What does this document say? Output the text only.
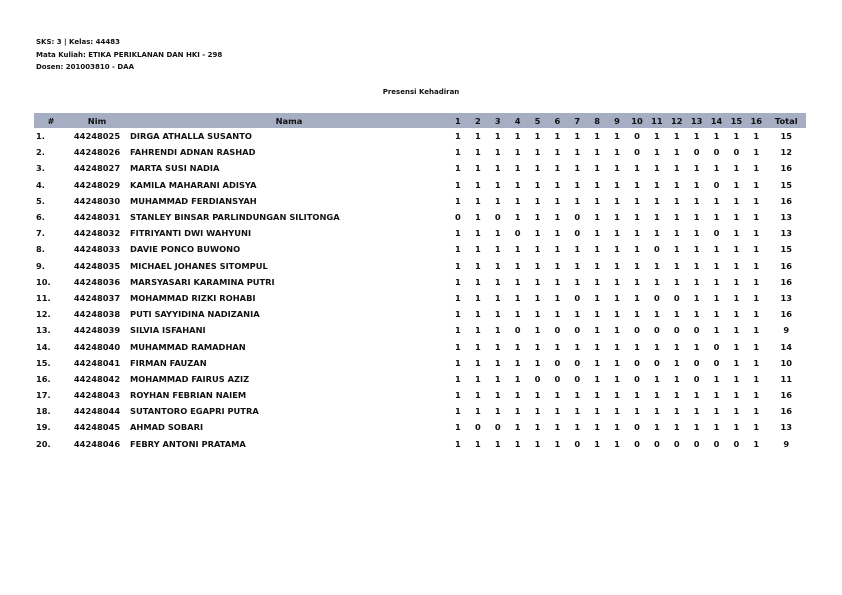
SKS: 3 | Kelas: 44483
Mata Kuliah: ETIKA PERIKLANAN DAN HKI - 298
Dosen: 201003810 - DAA
Presensi Kehadiran
#	Nim	Nama	1	2	3	4	5	6	7	8	9	10	11	12	13	14	15	16	Total
1.	44248025	DIRGA ATHALLA SUSANTO	1	1	1	1	1	1	1	1	1	0	1	1	1	1	1	1	15
2.	44248026	FAHRENDI ADNAN RASHAD	1	1	1	1	1	1	1	1	1	0	1	1	0	0	0	1	12
3.	44248027	MARTA SUSI NADIA	1	1	1	1	1	1	1	1	1	1	1	1	1	1	1	1	16
4.	44248029	KAMILA MAHARANI ADISYA	1	1	1	1	1	1	1	1	1	1	1	1	1	0	1	1	15
5.	44248030	MUHAMMAD FERDIANSYAH	1	1	1	1	1	1	1	1	1	1	1	1	1	1	1	1	16
6.	44248031	STANLEY BINSAR PARLINDUNGAN SILITONGA	0	1	0	1	1	1	0	1	1	1	1	1	1	1	1	1	13
7.	44248032	FITRIYANTI DWI WAHYUNI	1	1	1	0	1	1	0	1	1	1	1	1	1	0	1	1	13
8.	44248033	DAVIE PONCO BUWONO	1	1	1	1	1	1	1	1	1	1	0	1	1	1	1	1	15
9.	44248035	MICHAEL JOHANES SITOMPUL	1	1	1	1	1	1	1	1	1	1	1	1	1	1	1	1	16
10.	44248036	MARSYASARI KARAMINA PUTRI	1	1	1	1	1	1	1	1	1	1	1	1	1	1	1	1	16
11.	44248037	MOHAMMAD RIZKI ROHABI	1	1	1	1	1	1	0	1	1	1	0	0	1	1	1	1	13
12.	44248038	PUTI SAYYIDINA NADIZANIA	1	1	1	1	1	1	1	1	1	1	1	1	1	1	1	1	16
13.	44248039	SILVIA ISFAHANI	1	1	1	0	1	0	0	1	1	0	0	0	0	1	1	1	9
14.	44248040	MUHAMMAD RAMADHAN	1	1	1	1	1	1	1	1	1	1	1	1	1	0	1	1	14
15.	44248041	FIRMAN FAUZAN	1	1	1	1	1	0	0	1	1	0	0	1	0	0	1	1	10
16.	44248042	MOHAMMAD FAIRUS AZIZ	1	1	1	1	0	0	0	1	1	0	1	1	0	1	1	1	11
17.	44248043	ROYHAN FEBRIAN NAIEM	1	1	1	1	1	1	1	1	1	1	1	1	1	1	1	1	16
18.	44248044	SUTANTORO EGAPRI PUTRA	1	1	1	1	1	1	1	1	1	1	1	1	1	1	1	1	16
19.	44248045	AHMAD SOBARI	1	0	0	1	1	1	1	1	1	0	1	1	1	1	1	1	13
20.	44248046	FEBRY ANTONI PRATAMA	1	1	1	1	1	1	0	1	1	0	0	0	0	0	0	1	9
